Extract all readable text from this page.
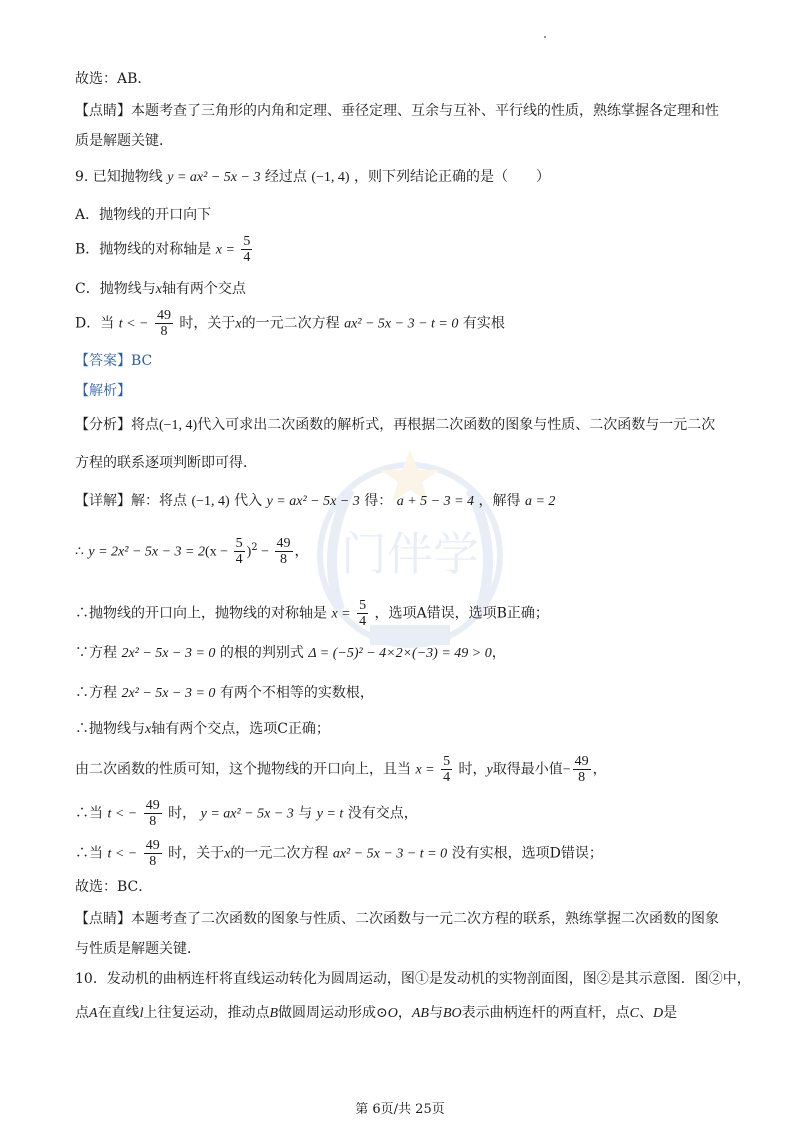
门伴学
故选：AB．
【点睛】本题考查了三角形的内角和定理、垂径定理、互余与互补、平行线的性质，熟练掌握各定理和性
质是解题关键．
9. 已知抛物线 y = ax² − 5x − 3 经过点 (−1, 4) ，则下列结论正确的是（　　）
A．抛物线的开口向下
B．抛物线的对称轴是 $x = \frac{5}{4}$
C．抛物线与x轴有两个交点
D．当 t < − $\frac{49}{8}$ 时，关于x的一元二次方程 ax² − 5x − 3 − t = 0 有实根
【答案】BC
【解析】
【分析】将点(−1, 4)代入可求出二次函数的解析式，再根据二次函数的图象与性质、二次函数与一元二次
方程的联系逐项判断即可得．
【详解】解：将点 (−1, 4) 代入 y = ax² − 5x − 3 得： a + 5 − 3 = 4 ，解得 a = 2
∴ $y = 2x^2 - 5x - 3 = 2(x - \frac{5}{4} )^2 - \frac{49}{8}$ ，
∴抛物线的开口向上，抛物线的对称轴是 $x = \frac{5}{4}$ ，选项A错误，选项B正确；
∵方程 2x² − 5x − 3 = 0 的根的判别式 Δ = (−5)² − 4×2×(−3) = 49 > 0，
∴方程 2x² − 5x − 3 = 0 有两个不相等的实数根，
∴抛物线与x轴有两个交点，选项C正确；
由二次函数的性质可知，这个抛物线的开口向上，且当 $x = \frac{5}{4}$ 时，y取得最小值− $\frac{49}{8}$ ，
∴当 t < − $\frac{49}{8}$ 时， y = ax² − 5x − 3 与 y = t 没有交点，
∴当 t < − $\frac{49}{8}$ 时，关于x的一元二次方程 ax² − 5x − 3 − t = 0 没有实根，选项D错误；
故选：BC．
【点睛】本题考查了二次函数的图象与性质、二次函数与一元二次方程的联系，熟练掌握二次函数的图象
与性质是解题关键．
10．发动机的曲柄连杆将直线运动转化为圆周运动，图①是发动机的实物剖面图，图②是其示意图．图②中，
点A在直线l上往复运动，推动点B做圆周运动形成⊙O，AB与BO表示曲柄连杆的两直杆，点C、D是
第 6页/共 25页
